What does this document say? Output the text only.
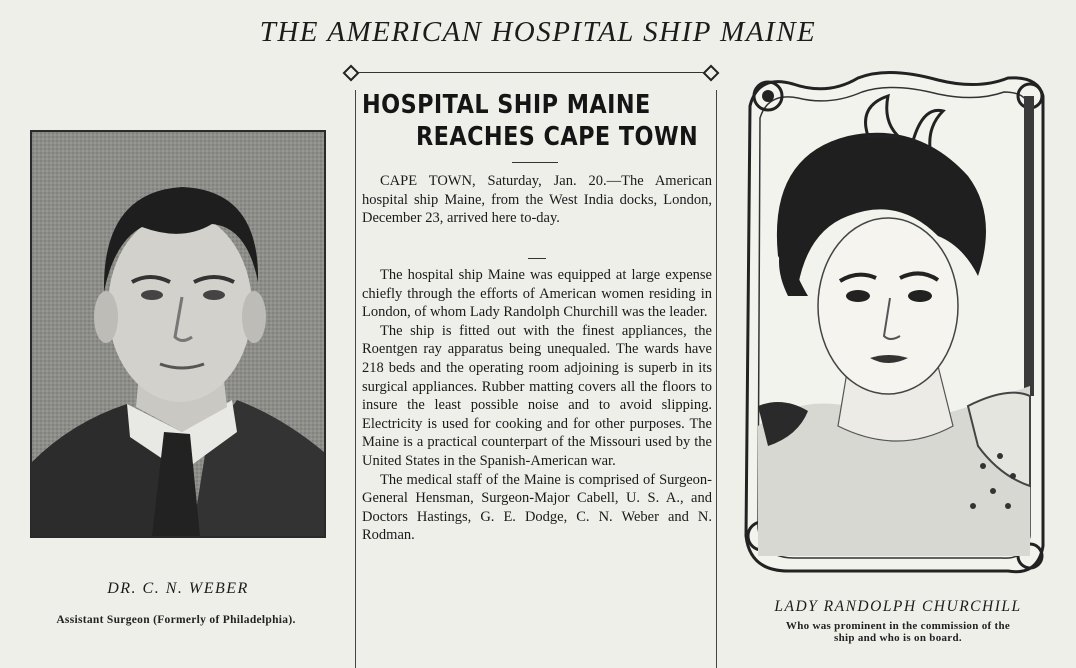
THE AMERICAN HOSPITAL SHIP MAINE
DR. C. N. WEBER
Assistant Surgeon (Formerly of Philadelphia).
HOSPITAL SHIP MAINE
REACHES CAPE TOWN

CAPE TOWN, Saturday, Jan. 20.—The American hospital ship Maine, from the West India docks, London, December 23, arrived here to-day.

The hospital ship Maine was equipped at large expense chiefly through the efforts of American women residing in London, of whom Lady Randolph Churchill was the leader.

The ship is fitted out with the finest appliances, the Roentgen ray apparatus being unequaled. The wards have 218 beds and the operating room adjoining is superb in its surgical appliances. Rubber matting covers all the floors to insure the least possible noise and to avoid slipping. Electricity is used for cooking and for other purposes. The Maine is a practical counterpart of the Missouri used by the United States in the Spanish-American war.

The medical staff of the Maine is comprised of Surgeon-General Hensman, Surgeon-Major Cabell, U. S. A., and Doctors Hastings, G. E. Dodge, C. N. Weber and N. Rodman.

LADY RANDOLPH CHURCHILL
Who was prominent in the commission of the
ship and who is on board.
